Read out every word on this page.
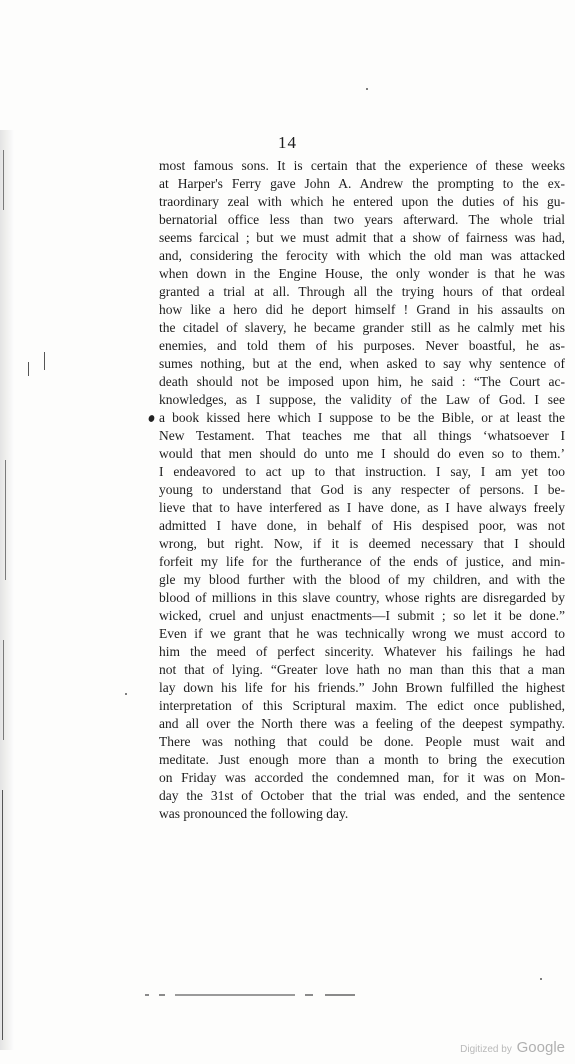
14
most famous sons. It is certain that the experience of these weeks
at Harper's Ferry gave John A. Andrew the prompting to the ex-
traordinary zeal with which he entered upon the duties of his gu-
bernatorial office less than two years afterward. The whole trial
seems farcical ; but we must admit that a show of fairness was had,
and, considering the ferocity with which the old man was attacked
when down in the Engine House, the only wonder is that he was
granted a trial at all. Through all the trying hours of that ordeal
how like a hero did he deport himself ! Grand in his assaults on
the citadel of slavery, he became grander still as he calmly met his
enemies, and told them of his purposes. Never boastful, he as-
sumes nothing, but at the end, when asked to say why sentence of
death should not be imposed upon him, he said : “The Court ac-
knowledges, as I suppose, the validity of the Law of God. I see
a book kissed here which I suppose to be the Bible, or at least the
New Testament. That teaches me that all things ‘whatsoever I
would that men should do unto me I should do even so to them.’
I endeavored to act up to that instruction. I say, I am yet too
young to understand that God is any respecter of persons. I be-
lieve that to have interfered as I have done, as I have always freely
admitted I have done, in behalf of His despised poor, was not
wrong, but right. Now, if it is deemed necessary that I should
forfeit my life for the furtherance of the ends of justice, and min-
gle my blood further with the blood of my children, and with the
blood of millions in this slave country, whose rights are disregarded by
wicked, cruel and unjust enactments—I submit ; so let it be done.”
Even if we grant that he was technically wrong we must accord to
him the meed of perfect sincerity. Whatever his failings he had
not that of lying. “Greater love hath no man than this that a man
lay down his life for his friends.” John Brown fulfilled the highest
interpretation of this Scriptural maxim. The edict once published,
and all over the North there was a feeling of the deepest sympathy.
There was nothing that could be done. People must wait and
meditate. Just enough more than a month to bring the execution
on Friday was accorded the condemned man, for it was on Mon-
day the 31st of October that the trial was ended, and the sentence
was pronounced the following day.
Digitized by Google
